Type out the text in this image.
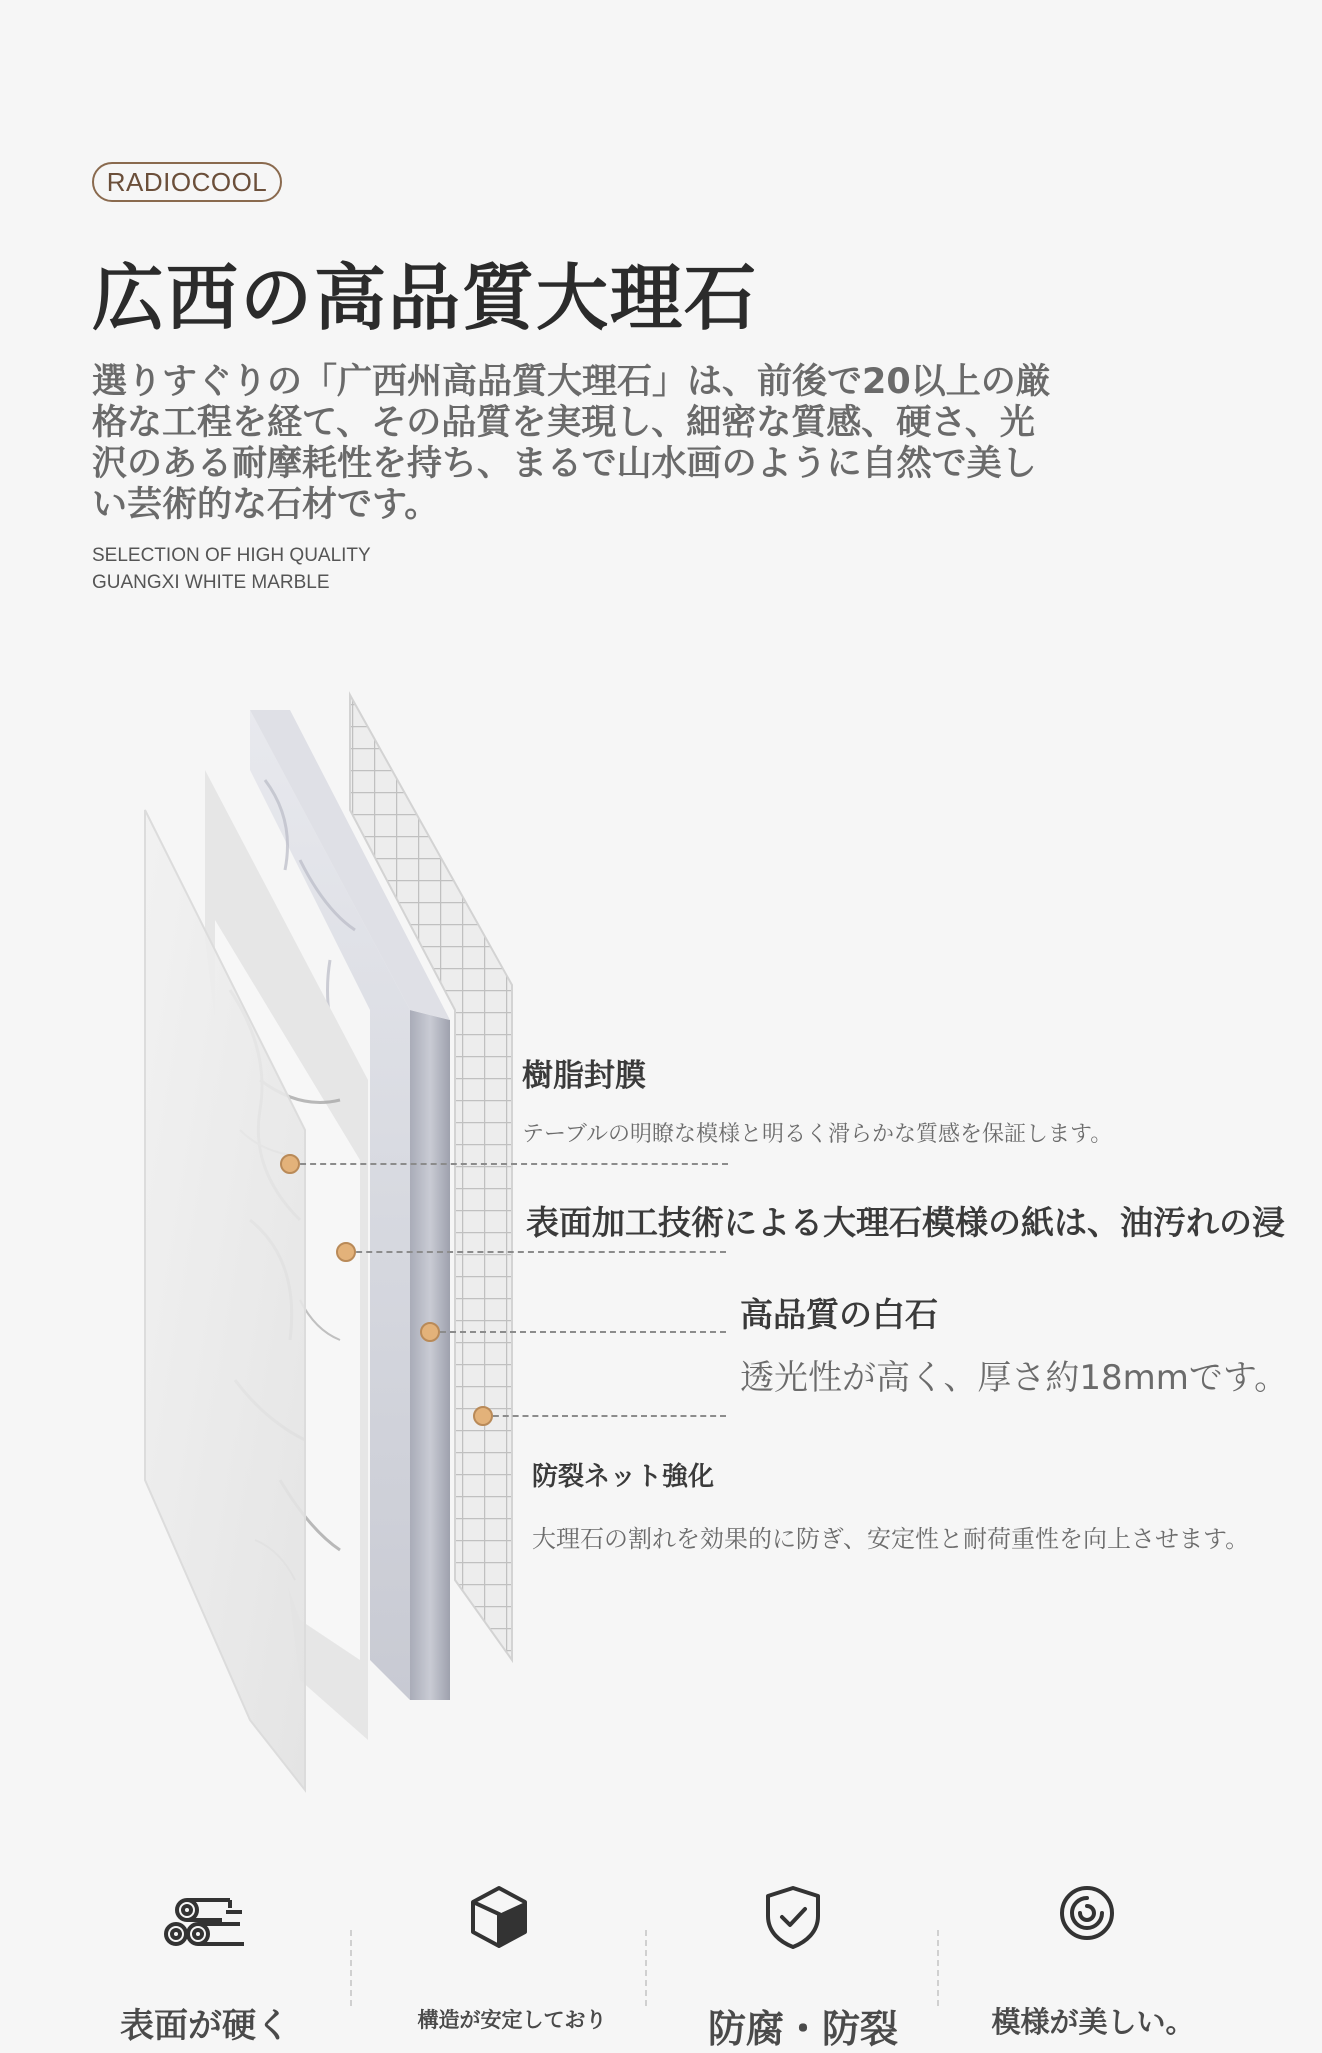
RADIOCOOL
広西の高品質大理石

選りすぐりの「广西州高品質大理石」は、前後で20以上の厳
格な工程を経て、その品質を実現し、細密な質感、硬さ、光
沢のある耐摩耗性を持ち、まるで山水画のように自然で美し
い芸術的な石材です。

SELECTION OF HIGH QUALITY
GUANGXI WHITE MARBLE
樹脂封膜
テーブルの明瞭な模様と明るく滑らかな質感を保証します。
表面加工技術による大理石模様の紙は、油汚れの浸
高品質の白石
透光性が高く、厚さ約18mmです。
防裂ネット強化
大理石の割れを効果的に防ぎ、安定性と耐荷重性を向上させます。
表面が硬く	構造が安定しており	防腐・防裂	模様が美しい。
